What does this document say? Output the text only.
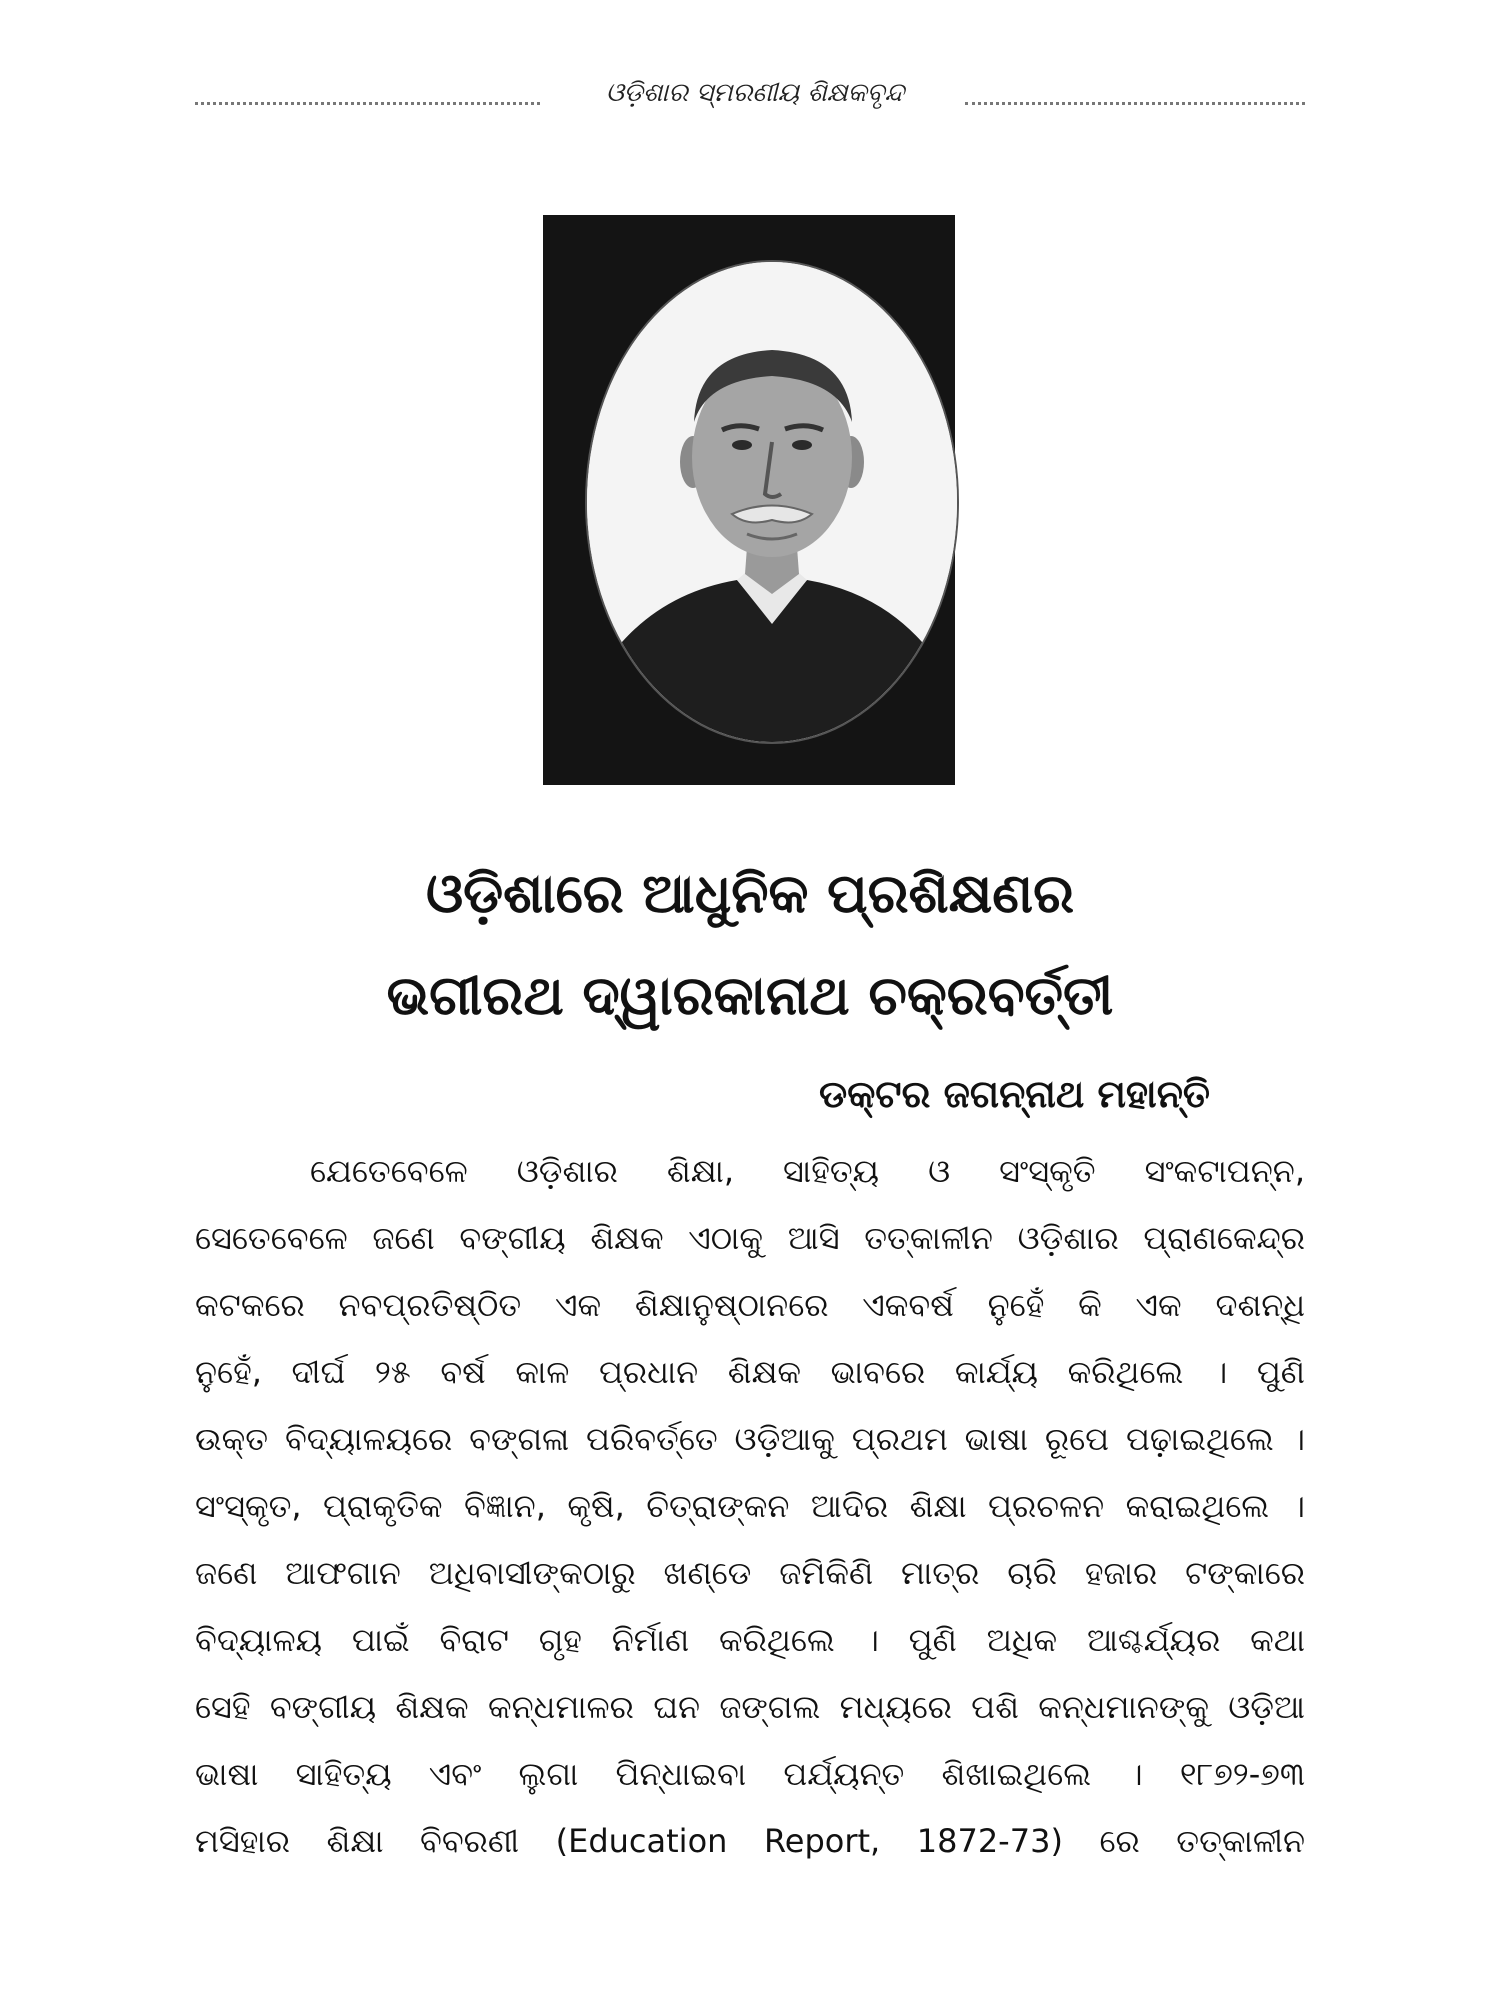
ଓଡ଼ିଶାର ସ୍ମରଣୀୟ ଶିକ୍ଷକବୃନ୍ଦ
ଓଡ଼ିଶାରେ ଆଧୁନିକ ପ୍ରଶିକ୍ଷଣର
ଭଗୀରଥ ଦ୍ୱାରକାନାଥ ଚକ୍ରବର୍ତ୍ତୀ
ଡକ୍ଟର ଜଗନ୍ନାଥ ମହାନ୍ତି
ଯେତେବେଳେ ଓଡ଼ିଶାର ଶିକ୍ଷା, ସାହିତ୍ୟ ଓ ସଂସ୍କୃତି ସଂକଟାପନ୍ନ,
ସେତେବେଳେ ଜଣେ ବଙ୍ଗୀୟ ଶିକ୍ଷକ ଏଠାକୁ ଆସି ତତ୍କାଳୀନ ଓଡ଼ିଶାର ପ୍ରାଣକେନ୍ଦ୍ର
କଟକରେ ନବପ୍ରତିଷ୍ଠିତ ଏକ ଶିକ୍ଷାନୁଷ୍ଠାନରେ ଏକବର୍ଷ ନୁହେଁ କି ଏକ ଦଶନ୍ଧି
ନୁହେଁ, ଦୀର୍ଘ ୨୫ ବର୍ଷ କାଳ ପ୍ରଧାନ ଶିକ୍ଷକ ଭାବରେ କାର୍ଯ୍ୟ କରିଥିଲେ । ପୁଣି
ଉକ୍ତ ବିଦ୍ୟାଳୟରେ ବଙ୍ଗଳା ପରିବର୍ତ୍ତେ ଓଡ଼ିଆକୁ ପ୍ରଥମ ଭାଷା ରୂପେ ପଢ଼ାଇଥିଲେ ।
ସଂସ୍କୃତ, ପ୍ରାକୃତିକ ବିଜ୍ଞାନ, କୃଷି, ଚିତ୍ରାଙ୍କନ ଆଦିର ଶିକ୍ଷା ପ୍ରଚଳନ କରାଇଥିଲେ ।
ଜଣେ ଆଫଗାନ ଅଧିବାସୀଙ୍କଠାରୁ ଖଣ୍ଡେ ଜମିକିଣି ମାତ୍ର ଚାରି ହଜାର ଟଙ୍କାରେ
ବିଦ୍ୟାଳୟ ପାଇଁ ବିରାଟ ଗୃହ ନିର୍ମାଣ କରିଥିଲେ । ପୁଣି ଅଧିକ ଆଶ୍ଚର୍ଯ୍ୟର କଥା
ସେହି ବଙ୍ଗୀୟ ଶିକ୍ଷକ କନ୍ଧମାଳର ଘନ ଜଙ୍ଗଲ ମଧ୍ୟରେ ପଶି କନ୍ଧମାନଙ୍କୁ ଓଡ଼ିଆ
ଭାଷା ସାହିତ୍ୟ ଏବଂ ଲୁଗା ପିନ୍ଧାଇବା ପର୍ଯ୍ୟନ୍ତ ଶିଖାଇଥିଲେ । ୧୮୭୨-୭୩
ମସିହାର ଶିକ୍ଷା ବିବରଣୀ (Education Report, 1872-73) ରେ ତତ୍କାଳୀନ
